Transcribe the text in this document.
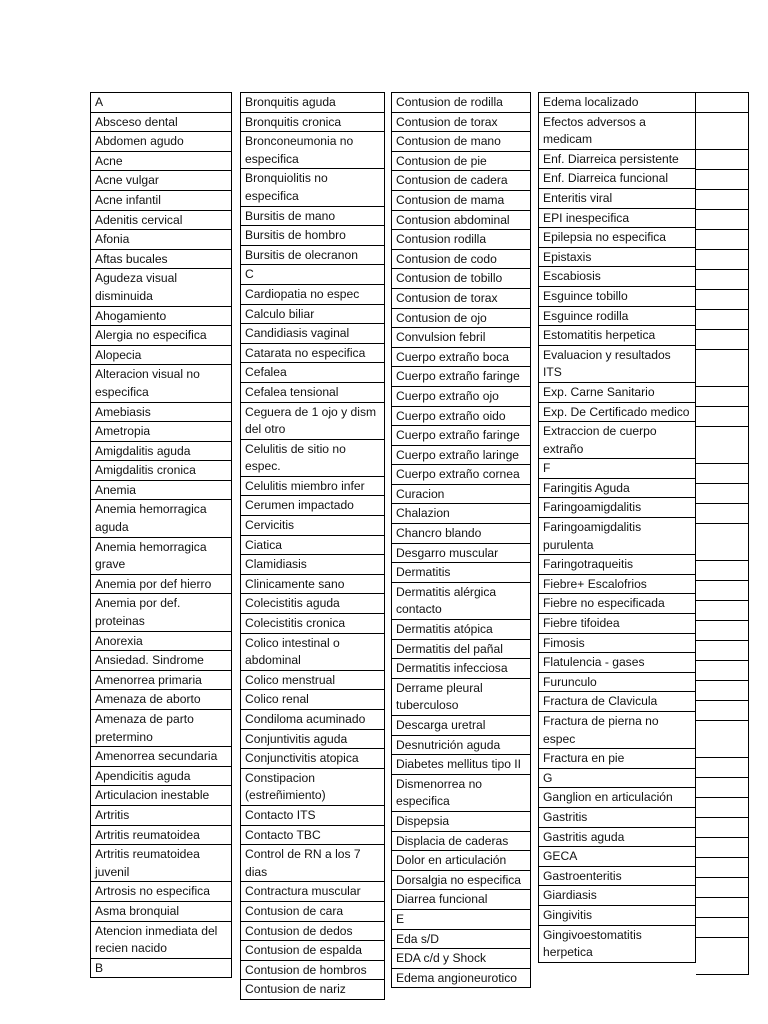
A
Absceso dental
Abdomen agudo
Acne
Acne vulgar
Acne infantil
Adenitis cervical
Afonia
Aftas bucales
Agudeza visual disminuida
Ahogamiento
Alergia no especifica
Alopecia
Alteracion visual no especifica
Amebiasis
Ametropia
Amigdalitis aguda
Amigdalitis cronica
Anemia
Anemia hemorragica aguda
Anemia hemorragica grave
Anemia por def hierro
Anemia por def. proteinas
Anorexia
Ansiedad. Sindrome
Amenorrea primaria
Amenaza de aborto
Amenaza de parto pretermino
Amenorrea secundaria
Apendicitis aguda
Articulacion inestable
Artritis
Artritis reumatoidea
Artritis reumatoidea juvenil
Artrosis no especifica
Asma bronquial
Atencion inmediata del recien nacido
B
Bronquitis aguda
Bronquitis cronica
Bronconeumonia no especifica
Bronquiolitis no especifica
Bursitis de mano
Bursitis de hombro
Bursitis de olecranon
C
Cardiopatia no espec
Calculo biliar
Candidiasis vaginal
Catarata no especifica
Cefalea
Cefalea tensional
Ceguera de 1 ojo y dism del otro
Celulitis de sitio no espec.
Celulitis miembro infer
Cerumen impactado
Cervicitis
Ciatica
Clamidiasis
Clinicamente sano
Colecistitis aguda
Colecistitis cronica
Colico intestinal o abdominal
Colico menstrual
Colico renal
Condiloma acuminado
Conjuntivitis aguda
Conjunctivitis atopica
Constipacion (estreñimiento)
Contacto ITS
Contacto TBC
Control de RN a los 7 dias
Contractura muscular
Contusion de cara
Contusion de dedos
Contusion de espalda
Contusion de hombros
Contusion de nariz
Contusion de rodilla
Contusion de torax
Contusion de mano
Contusion de pie
Contusion de cadera
Contusion de mama
Contusion abdominal
Contusion rodilla
Contusion de codo
Contusion de tobillo
Contusion de torax
Contusion de ojo
Convulsion febril
Cuerpo extraño boca
Cuerpo extraño faringe
Cuerpo extraño ojo
Cuerpo extraño oido
Cuerpo extraño faringe
Cuerpo extraño laringe
Cuerpo extraño cornea
Curacion
Chalazion
Chancro blando
Desgarro muscular
Dermatitis
Dermatitis alérgica contacto
Dermatitis atópica
Dermatitis del pañal
Dermatitis infecciosa
Derrame pleural tuberculoso
Descarga uretral
Desnutrición aguda
Diabetes mellitus tipo II
Dismenorrea no especifica
Dispepsia
Displacia de caderas
Dolor en articulación
Dorsalgia no especifica
Diarrea funcional
E
Eda s/D
EDA c/d y Shock
Edema angioneurotico
Edema localizado
Efectos adversos a medicam
Enf. Diarreica persistente
Enf. Diarreica funcional
Enteritis viral
EPI inespecifica
Epilepsia no especifica
Epistaxis
Escabiosis
Esguince tobillo
Esguince rodilla
Estomatitis herpetica
Evaluacion y resultados ITS
Exp. Carne Sanitario
Exp. De Certificado medico
Extraccion de cuerpo extraño
F
Faringitis Aguda
Faringoamigdalitis
Faringoamigdalitis purulenta
Faringotraqueitis
Fiebre+ Escalofrios
Fiebre no especificada
Fiebre tifoidea
Fimosis
Flatulencia - gases
Furunculo
Fractura de Clavicula
Fractura de pierna no espec
Fractura en pie
G
Ganglion en articulación
Gastritis
Gastritis aguda
GECA
Gastroenteritis
Giardiasis
Gingivitis
Gingivoestomatitis herpetica
